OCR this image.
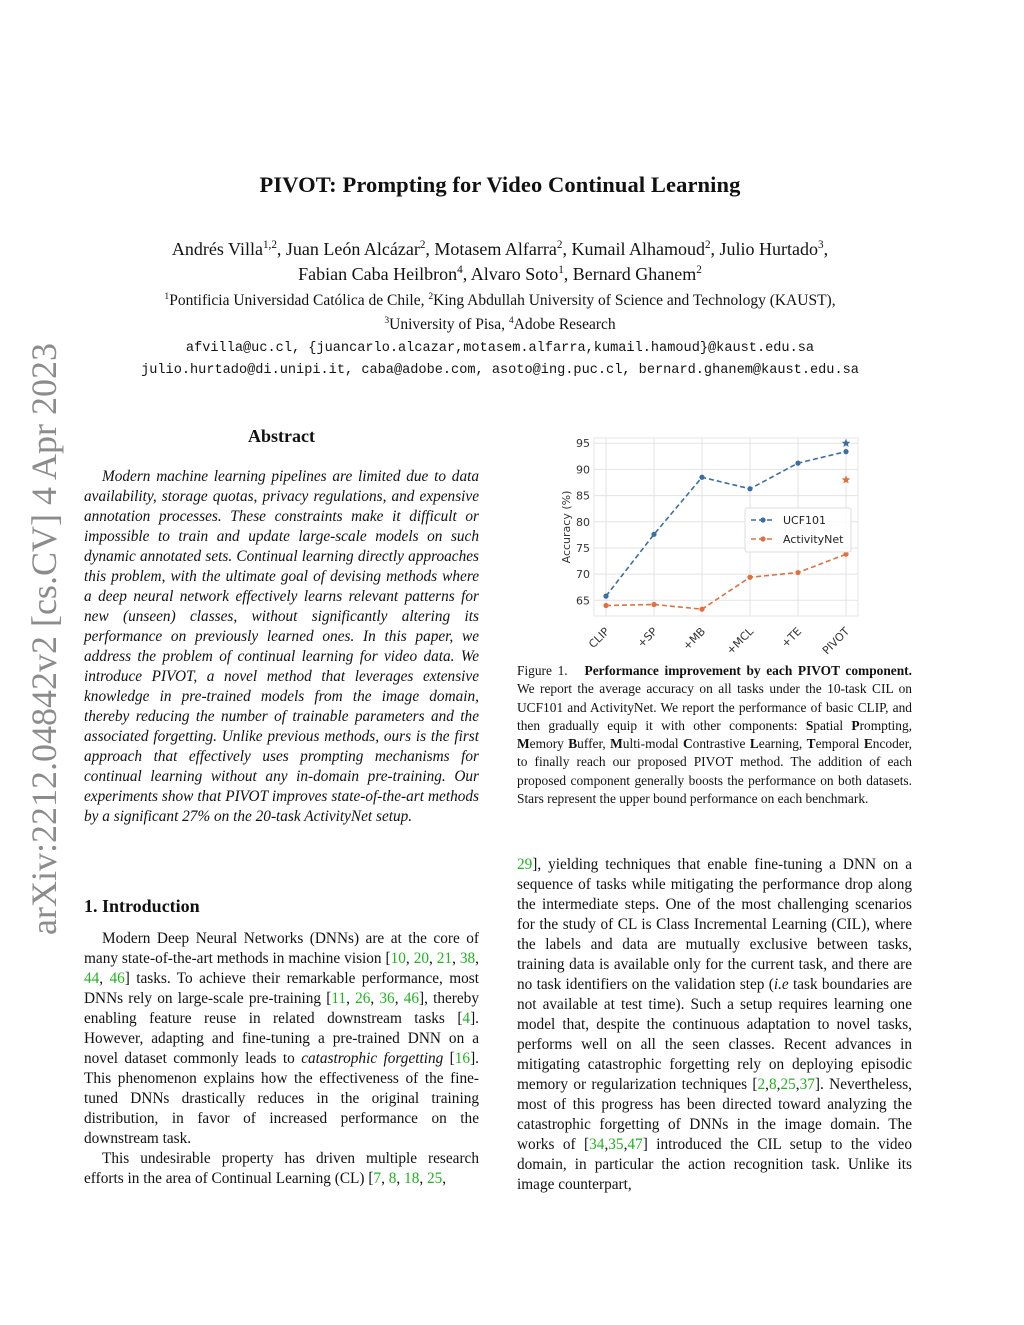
arXiv:2212.04842v2 [cs.CV] 4 Apr 2023
PIVOT: Prompting for Video Continual Learning
Andrés Villa$^{1,2}$, Juan León Alcázar$^2$, Motasem Alfarra$^2$, Kumail Alhamoud$^2$, Julio Hurtado$^3$,
Fabian Caba Heilbron$^4$, Alvaro Soto$^1$, Bernard Ghanem$^2$
$^1$Pontificia Universidad Católica de Chile, $^2$King Abdullah University of Science and Technology (KAUST),
$^3$University of Pisa, $^4$Adobe Research
afvilla@uc.cl, {juancarlo.alcazar,motasem.alfarra,kumail.hamoud}@kaust.edu.sa
julio.hurtado@di.unipi.it, caba@adobe.com, asoto@ing.puc.cl, bernard.ghanem@kaust.edu.sa
Abstract

Modern machine learning pipelines are limited due to data availability, storage quotas, privacy regulations, and expensive annotation processes. These constraints make it difficult or impossible to train and update large-scale models on such dynamic annotated sets. Continual learning directly approaches this problem, with the ultimate goal of devising methods where a deep neural network effectively learns relevant patterns for new (unseen) classes, without significantly altering its performance on previously learned ones. In this paper, we address the problem of continual learning for video data. We introduce PIVOT, a novel method that leverages extensive knowledge in pre-trained models from the image domain, thereby reducing the number of trainable parameters and the associated forgetting. Unlike previous methods, ours is the first approach that effectively uses prompting mechanisms for continual learning without any in-domain pre-training. Our experiments show that PIVOT improves state-of-the-art methods by a significant 27% on the 20-task ActivityNet setup.

1. Introduction

Modern Deep Neural Networks (DNNs) are at the core of many state-of-the-art methods in machine vision [10, 20, 21, 38, 44, 46] tasks. To achieve their remarkable performance, most DNNs rely on large-scale pre-training [11, 26, 36, 46], thereby enabling feature reuse in related downstream tasks [4]. However, adapting and fine-tuning a pre-trained DNN on a novel dataset commonly leads to catastrophic forgetting [16]. This phenomenon explains how the effectiveness of the fine-tuned DNNs drastically reduces in the original training distribution, in favor of increased performance on the downstream task.

This undesirable property has driven multiple research efforts in the area of Continual Learning (CL) [7, 8, 18, 25,

65
70
75
80
85
90
95
CLIP +SP +MB +MCL +TE PIVOT
Accuracy (%)	UCF101
ActivityNet
Figure 1. Performance improvement by each PIVOT component. We report the average accuracy on all tasks under the 10-task CIL on UCF101 and ActivityNet. We report the performance of basic CLIP, and then gradually equip it with other components: Spatial Prompting, Memory Buffer, Multi-modal Contrastive Learning, Temporal Encoder, to finally reach our proposed PIVOT method. The addition of each proposed component generally boosts the performance on both datasets. Stars represent the upper bound performance on each benchmark.

29], yielding techniques that enable fine-tuning a DNN on a sequence of tasks while mitigating the performance drop along the intermediate steps. One of the most challenging scenarios for the study of CL is Class Incremental Learning (CIL), where the labels and data are mutually exclusive between tasks, training data is available only for the current task, and there are no task identifiers on the validation step (i.e task boundaries are not available at test time). Such a setup requires learning one model that, despite the continuous adaptation to novel tasks, performs well on all the seen classes. Recent advances in mitigating catastrophic forgetting rely on deploying episodic memory or regularization techniques [2,8,25,37]. Nevertheless, most of this progress has been directed toward analyzing the catastrophic forgetting of DNNs in the image domain. The works of [34,35,47] introduced the CIL setup to the video domain, in particular the action recognition task. Unlike its image counterpart,
